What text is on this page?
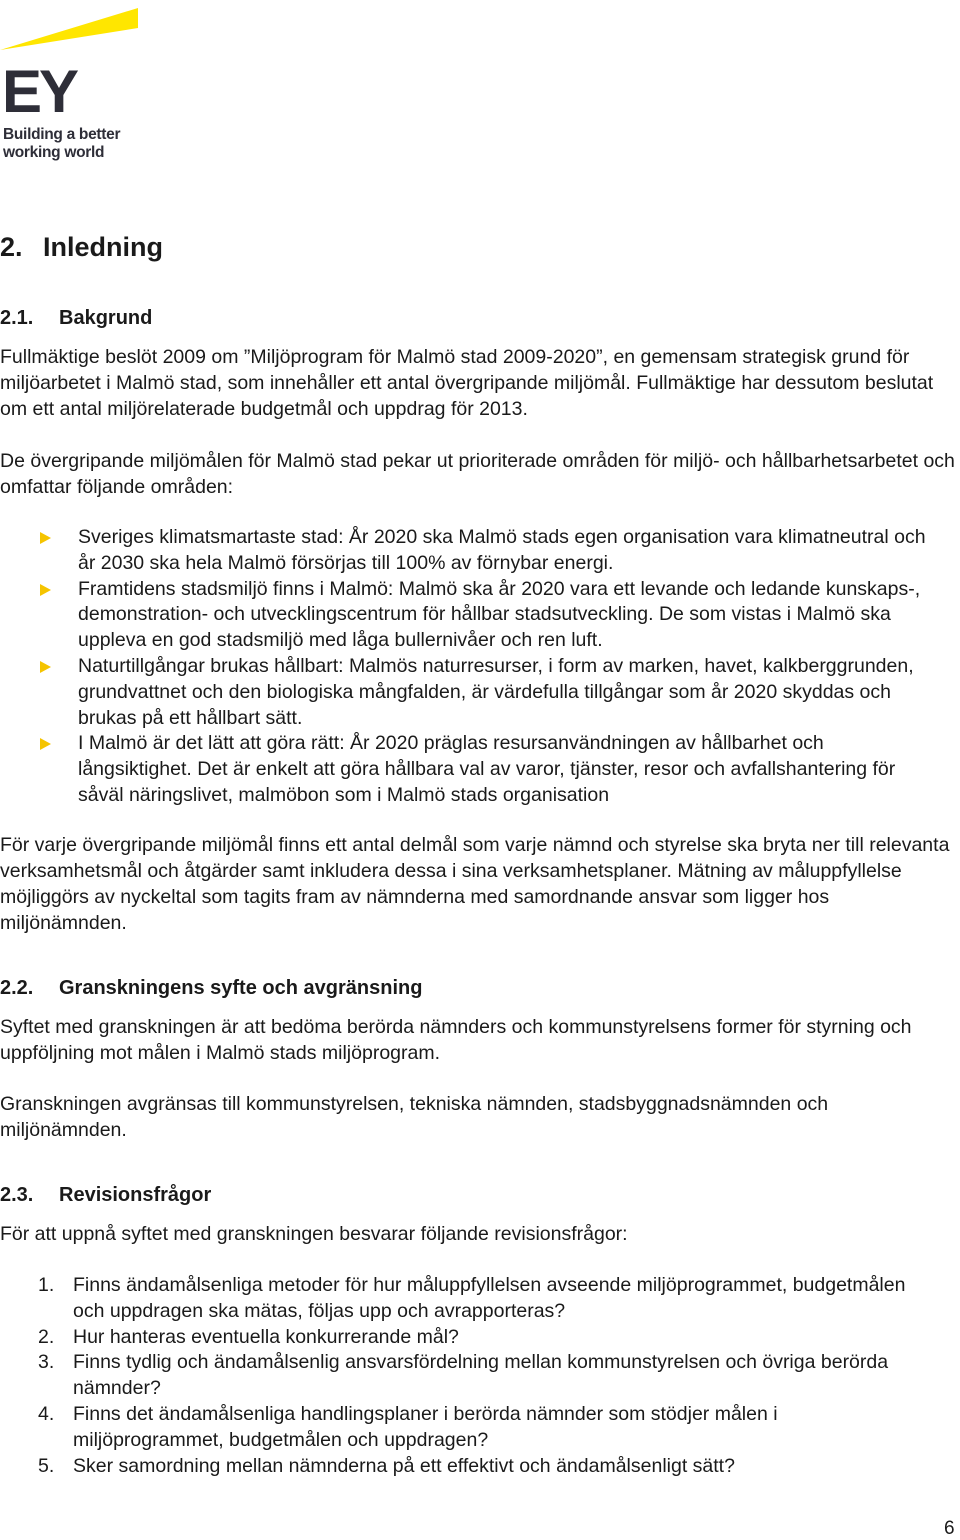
EY
Building a better
working world
2. Inledning
2.1. Bakgrund

Fullmäktige beslöt 2009 om ”Miljöprogram för Malmö stad 2009-2020”, en gemensam strategisk grund för miljöarbetet i Malmö stad, som innehåller ett antal övergripande miljömål. Fullmäktige har dessutom beslutat om ett antal miljörelaterade budgetmål och uppdrag för 2013.

De övergripande miljömålen för Malmö stad pekar ut prioriterade områden för miljö- och hållbarhetsarbetet och omfattar följande områden:

Sveriges klimatsmartaste stad: År 2020 ska Malmö stads egen organisation vara klimatneutral och år 2030 ska hela Malmö försörjas till 100% av förnybar energi.
Framtidens stadsmiljö finns i Malmö: Malmö ska år 2020 vara ett levande och ledande kunskaps-, demonstration- och utvecklingscentrum för hållbar stadsutveckling. De som vistas i Malmö ska uppleva en god stadsmiljö med låga bullernivåer och ren luft.
Naturtillgångar brukas hållbart: Malmös naturresurser, i form av marken, havet, kalkberggrunden, grundvattnet och den biologiska mångfalden, är värdefulla tillgångar som år 2020 skyddas och brukas på ett hållbart sätt.
I Malmö är det lätt att göra rätt: År 2020 präglas resursanvändningen av hållbarhet och långsiktighet. Det är enkelt att göra hållbara val av varor, tjänster, resor och avfallshantering för såväl näringslivet, malmöbon som i Malmö stads organisation

För varje övergripande miljömål finns ett antal delmål som varje nämnd och styrelse ska bryta ner till relevanta verksamhetsmål och åtgärder samt inkludera dessa i sina verksamhetsplaner. Mätning av måluppfyllelse möjliggörs av nyckeltal som tagits fram av nämnderna med samordnande ansvar som ligger hos miljönämnden.

2.2. Granskningens syfte och avgränsning

Syftet med granskningen är att bedöma berörda nämnders och kommunstyrelsens former för styrning och uppföljning mot målen i Malmö stads miljöprogram.

Granskningen avgränsas till kommunstyrelsen, tekniska nämnden, stadsbyggnadsnämnden och miljönämnden.

2.3. Revisionsfrågor

För att uppnå syftet med granskningen besvarar följande revisionsfrågor:

1. Finns ändamålsenliga metoder för hur måluppfyllelsen avseende miljöprogrammet, budgetmålen och uppdragen ska mätas, följas upp och avrapporteras?
2. Hur hanteras eventuella konkurrerande mål?
3. Finns tydlig och ändamålsenlig ansvarsfördelning mellan kommunstyrelsen och övriga berörda nämnder?
4. Finns det ändamålsenliga handlingsplaner i berörda nämnder som stödjer målen i miljöprogrammet, budgetmålen och uppdragen?
5. Sker samordning mellan nämnderna på ett effektivt och ändamålsenligt sätt?
6
